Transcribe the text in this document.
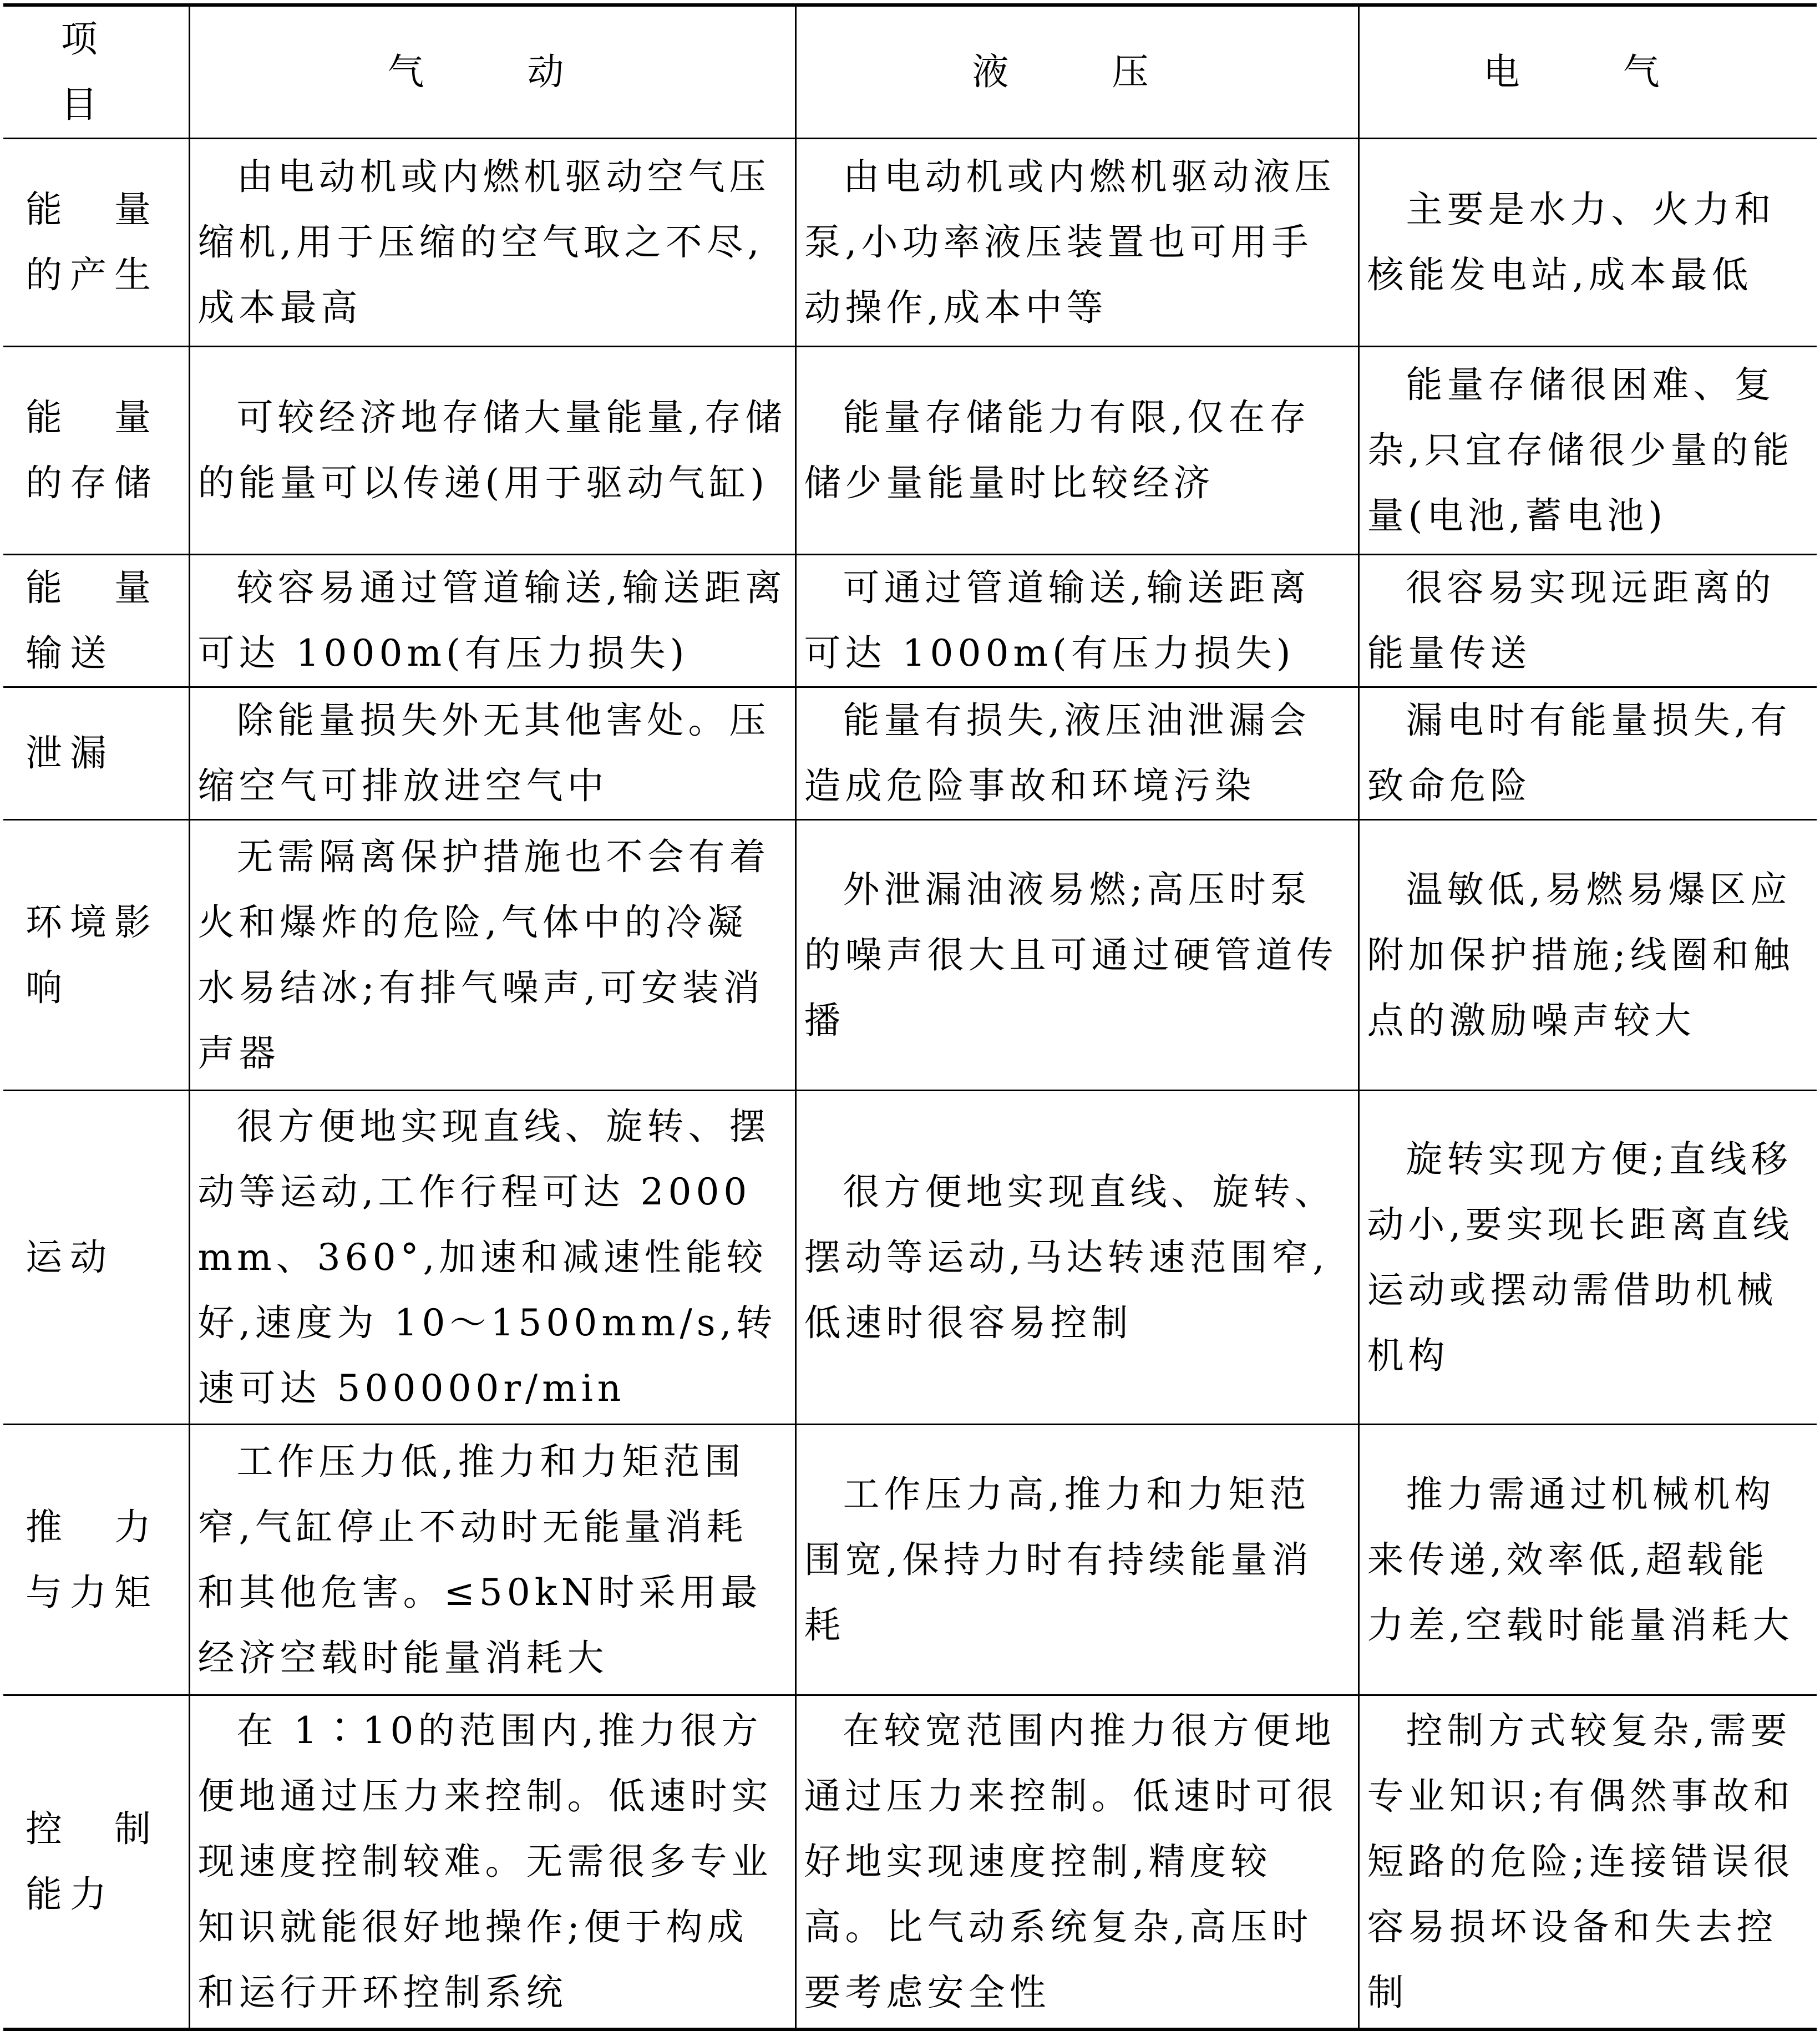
项　目	气　动	液　压	电　气
能　量的产生	由电动机或内燃机驱动空气压缩机,用于压缩的空气取之不尽,成本最高	由电动机或内燃机驱动液压泵,小功率液压装置也可用手动操作,成本中等	主要是水力、火力和核能发电站,成本最低
能　量的存储	可较经济地存储大量能量,存储的能量可以传递(用于驱动气缸)	能量存储能力有限,仅在存储少量能量时比较经济	能量存储很困难、复杂,只宜存储很少量的能量(电池,蓄电池)
能　量输送	较容易通过管道输送,输送距离可达 1000m(有压力损失)	可通过管道输送,输送距离可达 1000m(有压力损失)	很容易实现远距离的能量传送
泄漏	除能量损失外无其他害处。压缩空气可排放进空气中	能量有损失,液压油泄漏会造成危险事故和环境污染	漏电时有能量损失,有致命危险
环境影响	无需隔离保护措施也不会有着火和爆炸的危险,气体中的冷凝水易结冰;有排气噪声,可安装消声器	外泄漏油液易燃;高压时泵的噪声很大且可通过硬管道传播	温敏低,易燃易爆区应附加保护措施;线圈和触点的激励噪声较大
运动	很方便地实现直线、旋转、摆动等运动,工作行程可达 2000mm、360°,加速和减速性能较好,速度为 10～1500mm/s,转速可达 500000r/min	很方便地实现直线、旋转、摆动等运动,马达转速范围窄,低速时很容易控制	旋转实现方便;直线移动小,要实现长距离直线运动或摆动需借助机械机构
推　力与力矩	工作压力低,推力和力矩范围窄,气缸停止不动时无能量消耗和其他危害。≤50kN时采用最经济空载时能量消耗大	工作压力高,推力和力矩范围宽,保持力时有持续能量消耗	推力需通过机械机构来传递,效率低,超载能力差,空载时能量消耗大
控　制能力	在 1∶10的范围内,推力很方便地通过压力来控制。低速时实现速度控制较难。无需很多专业知识就能很好地操作;便于构成和运行开环控制系统	在较宽范围内推力很方便地通过压力来控制。低速时可很好地实现速度控制,精度较高。比气动系统复杂,高压时要考虑安全性	控制方式较复杂,需要专业知识;有偶然事故和短路的危险;连接错误很容易损坏设备和失去控制
